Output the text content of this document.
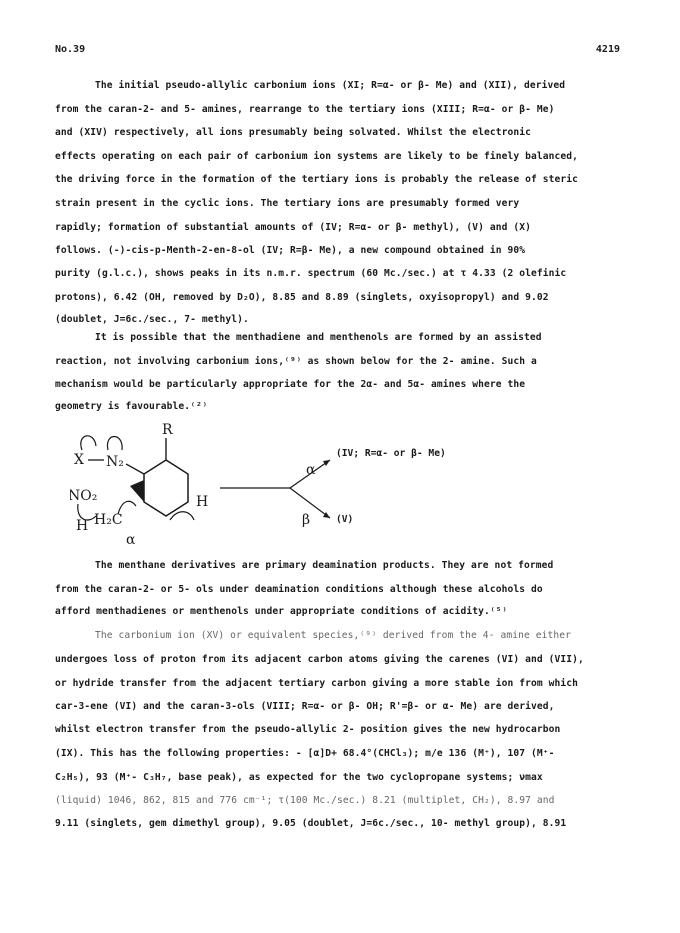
No.39	4219
The initial pseudo-allylic carbonium ions (XI; R=α- or β- Me) and (XII), derived
from the caran-2- and 5- amines, rearrange to the tertiary ions (XIII; R=α- or β- Me)
and (XIV) respectively, all ions presumably being solvated. Whilst the electronic
effects operating on each pair of carbonium ion systems are likely to be finely balanced,
the driving force in the formation of the tertiary ions is probably the release of steric
strain present in the cyclic ions. The tertiary ions are presumably formed very
rapidly; formation of substantial amounts of (IV; R=α- or β- methyl), (V) and (X)
follows. (-)-cis-p-Menth-2-en-8-ol (IV; R=β- Me), a new compound obtained in 90%
purity (g.l.c.), shows peaks in its n.m.r. spectrum (60 Mc./sec.) at τ 4.33 (2 olefinic
protons), 6.42 (OH, removed by D₂O), 8.85 and 8.89 (singlets, oxyisopropyl) and 9.02
(doublet, J=6c./sec., 7- methyl).
It is possible that the menthadiene and menthenols are formed by an assisted
reaction, not involving carbonium ions,⁽⁹⁾ as shown below for the 2- amine. Such a
mechanism would be particularly appropriate for the 2α- and 5α- amines where the
geometry is favourable.⁽²⁾
R
X N₂
NO₂
H H₂C
α
H
α
β
(IV; R=α- or β- Me)
(V)
The menthane derivatives are primary deamination products. They are not formed
from the caran-2- or 5- ols under deamination conditions although these alcohols do
afford menthadienes or menthenols under appropriate conditions of acidity.⁽⁵⁾
The carbonium ion (XV) or equivalent species,⁽⁹⁾ derived from the 4- amine either
undergoes loss of proton from its adjacent carbon atoms giving the carenes (VI) and (VII),
or hydride transfer from the adjacent tertiary carbon giving a more stable ion from which
car-3-ene (VI) and the caran-3-ols (VIII; R=α- or β- OH; R'=β- or α- Me) are derived,
whilst electron transfer from the pseudo-allylic 2- position gives the new hydrocarbon
(IX). This has the following properties: - [α]D+ 68.4°(CHCl₃); m/e 136 (M⁺), 107 (M⁺-
C₂H₅), 93 (M⁺- C₃H₇, base peak), as expected for the two cyclopropane systems; νmax
(liquid) 1046, 862, 815 and 776 cm⁻¹; τ(100 Mc./sec.) 8.21 (multiplet, CH₂), 8.97 and
9.11 (singlets, gem dimethyl group), 9.05 (doublet, J=6c./sec., 10- methyl group), 8.91
